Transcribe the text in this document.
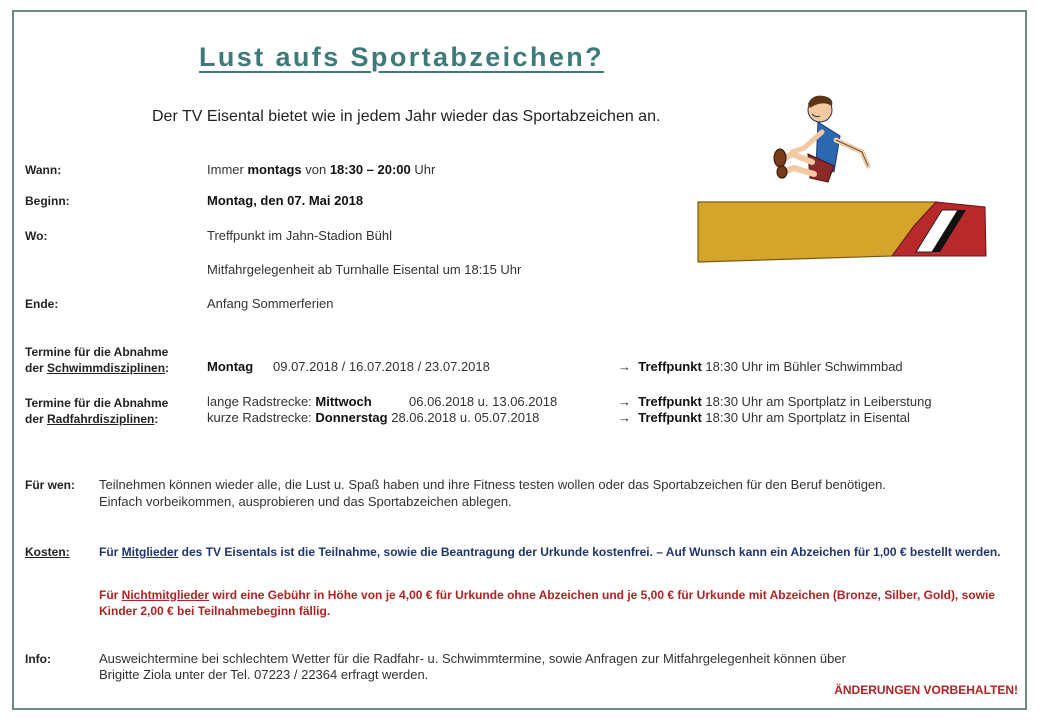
Lust aufs Sportabzeichen?
Der TV Eisental bietet wie in jedem Jahr wieder das Sportabzeichen an.
Wann:	Immer montags von 18:30 – 20:00 Uhr
Beginn:	Montag, den 07. Mai 2018
Wo:	Treffpunkt im Jahn-Stadion Bühl
Mitfahrgelegenheit ab Turnhalle Eisental um 18:15 Uhr
Ende:	Anfang Sommerferien
Termine für die Abnahme
der Schwimmdisziplinen:	Montag 09.07.2018 / 16.07.2018 / 23.07.2018	→ Treffpunkt 18:30 Uhr im Bühler Schwimmbad
Termine für die Abnahme
der Radfahrdisziplinen:
lange Radstrecke: Mittwoch	06.06.2018 u. 13.06.2018	→ Treffpunkt 18:30 Uhr am Sportplatz in Leiberstung
kurze Radstrecke: Donnerstag 28.06.2018 u. 05.07.2018	→ Treffpunkt 18:30 Uhr am Sportplatz in Eisental
Für wen: Teilnehmen können wieder alle, die Lust u. Spaß haben und ihre Fitness testen wollen oder das Sportabzeichen für den Beruf benötigen.
Einfach vorbeikommen, ausprobieren und das Sportabzeichen ablegen.
Kosten: Für Mitglieder des TV Eisentals ist die Teilnahme, sowie die Beantragung der Urkunde kostenfrei. – Auf Wunsch kann ein Abzeichen für 1,00 € bestellt werden.
Für Nichtmitglieder wird eine Gebühr in Höhe von je 4,00 € für Urkunde ohne Abzeichen und je 5,00 € für Urkunde mit Abzeichen (Bronze, Silber, Gold), sowie Kinder 2,00 € bei Teilnahmebeginn fällig.
Info:	Ausweichtermine bei schlechtem Wetter für die Radfahr- u. Schwimmtermine, sowie Anfragen zur Mitfahrgelegenheit können über
Brigitte Ziola unter der Tel. 07223 / 22364 erfragt werden.
ÄNDERUNGEN VORBEHALTEN!
